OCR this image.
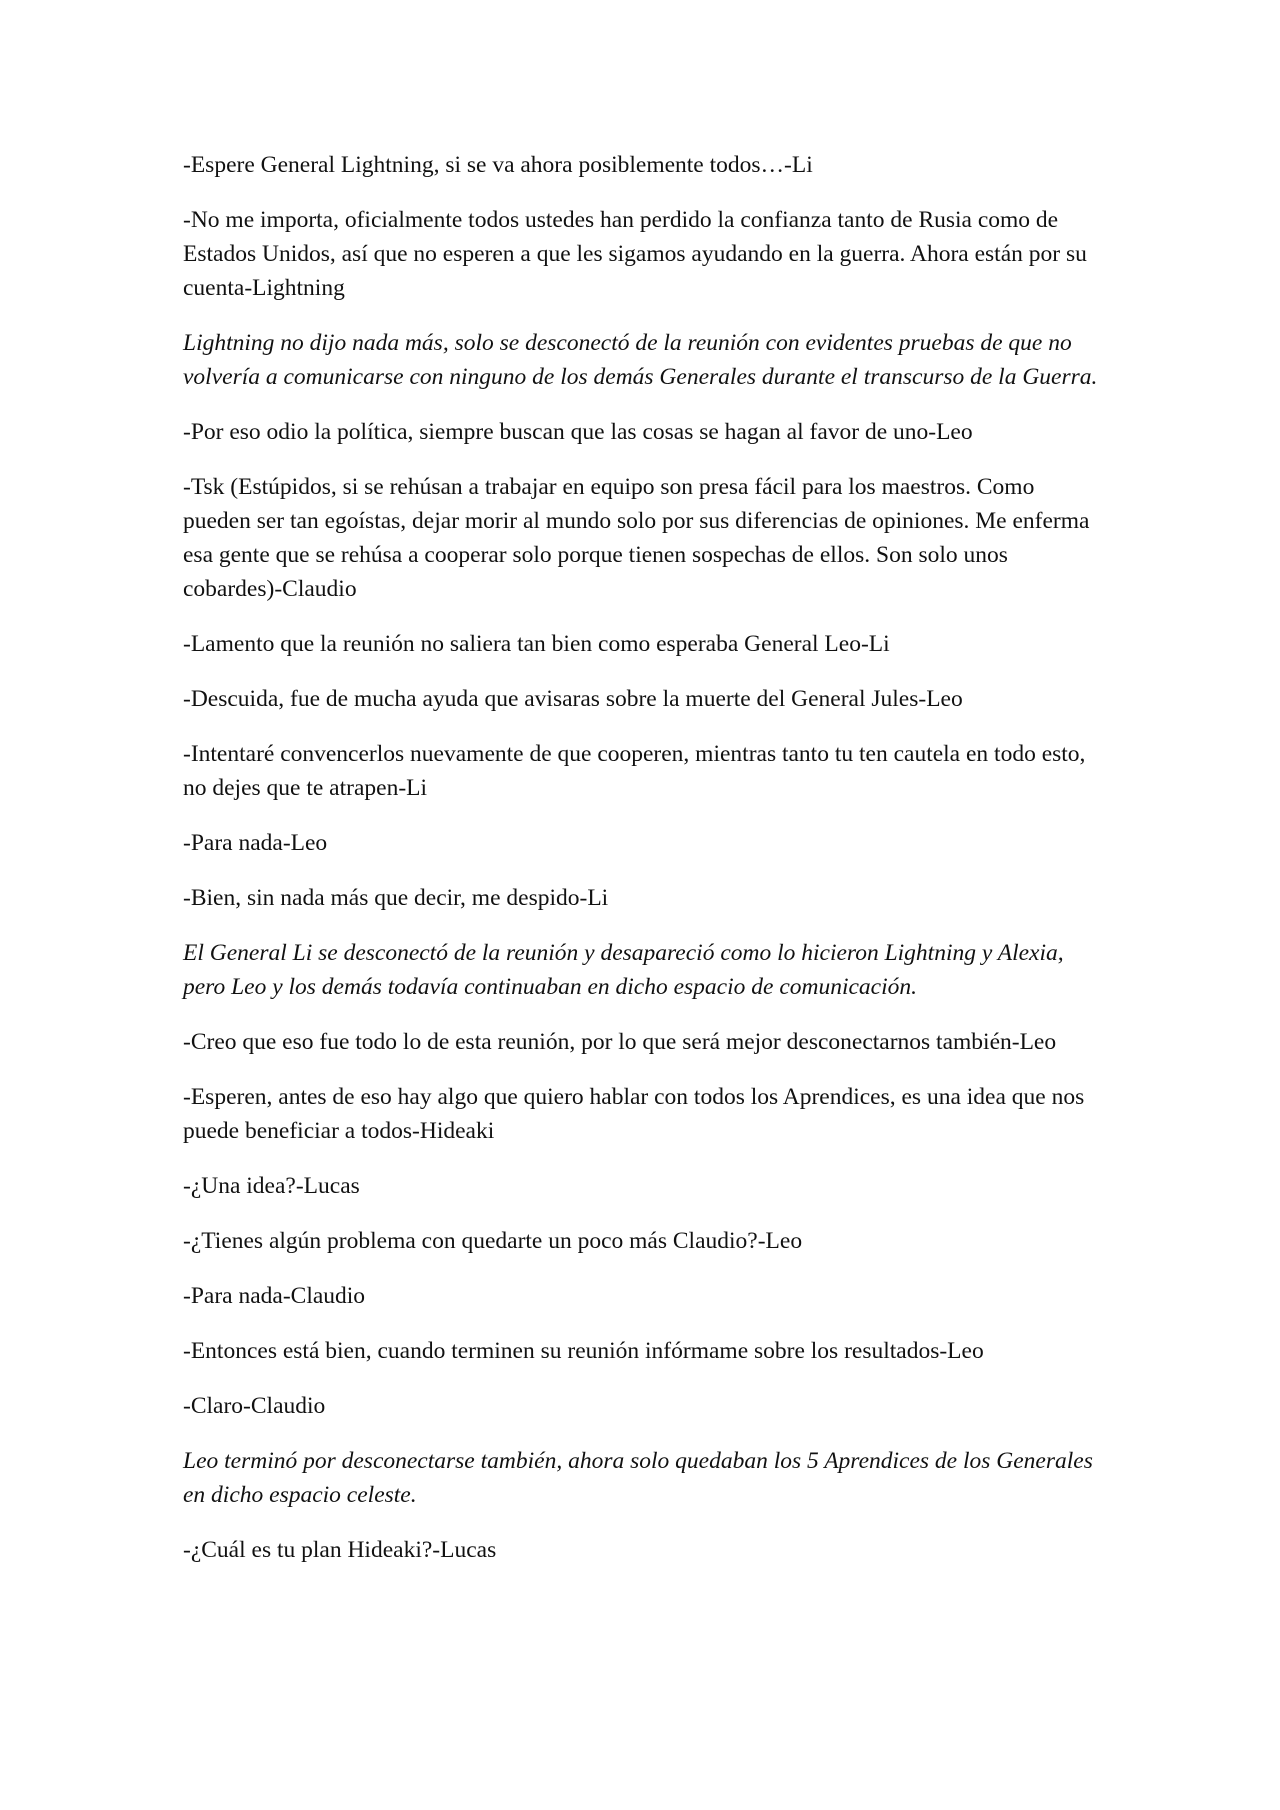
-Espere General Lightning, si se va ahora posiblemente todos…-Li

-No me importa, oficialmente todos ustedes han perdido la confianza tanto de Rusia como de Estados Unidos, así que no esperen a que les sigamos ayudando en la guerra. Ahora están por su cuenta-Lightning

Lightning no dijo nada más, solo se desconectó de la reunión con evidentes pruebas de que no volvería a comunicarse con ninguno de los demás Generales durante el transcurso de la Guerra.

-Por eso odio la política, siempre buscan que las cosas se hagan al favor de uno-Leo

-Tsk (Estúpidos, si se rehúsan a trabajar en equipo son presa fácil para los maestros. Como pueden ser tan egoístas, dejar morir al mundo solo por sus diferencias de opiniones. Me enferma esa gente que se rehúsa a cooperar solo porque tienen sospechas de ellos. Son solo unos cobardes)-Claudio

-Lamento que la reunión no saliera tan bien como esperaba General Leo-Li

-Descuida, fue de mucha ayuda que avisaras sobre la muerte del General Jules-Leo

-Intentaré convencerlos nuevamente de que cooperen, mientras tanto tu ten cautela en todo esto, no dejes que te atrapen-Li

-Para nada-Leo

-Bien, sin nada más que decir, me despido-Li

El General Li se desconectó de la reunión y desapareció como lo hicieron Lightning y Alexia, pero Leo y los demás todavía continuaban en dicho espacio de comunicación.

-Creo que eso fue todo lo de esta reunión, por lo que será mejor desconectarnos también-Leo

-Esperen, antes de eso hay algo que quiero hablar con todos los Aprendices, es una idea que nos puede beneficiar a todos-Hideaki

-¿Una idea?-Lucas

-¿Tienes algún problema con quedarte un poco más Claudio?-Leo

-Para nada-Claudio

-Entonces está bien, cuando terminen su reunión infórmame sobre los resultados-Leo

-Claro-Claudio

Leo terminó por desconectarse también, ahora solo quedaban los 5 Aprendices de los Generales en dicho espacio celeste.

-¿Cuál es tu plan Hideaki?-Lucas
